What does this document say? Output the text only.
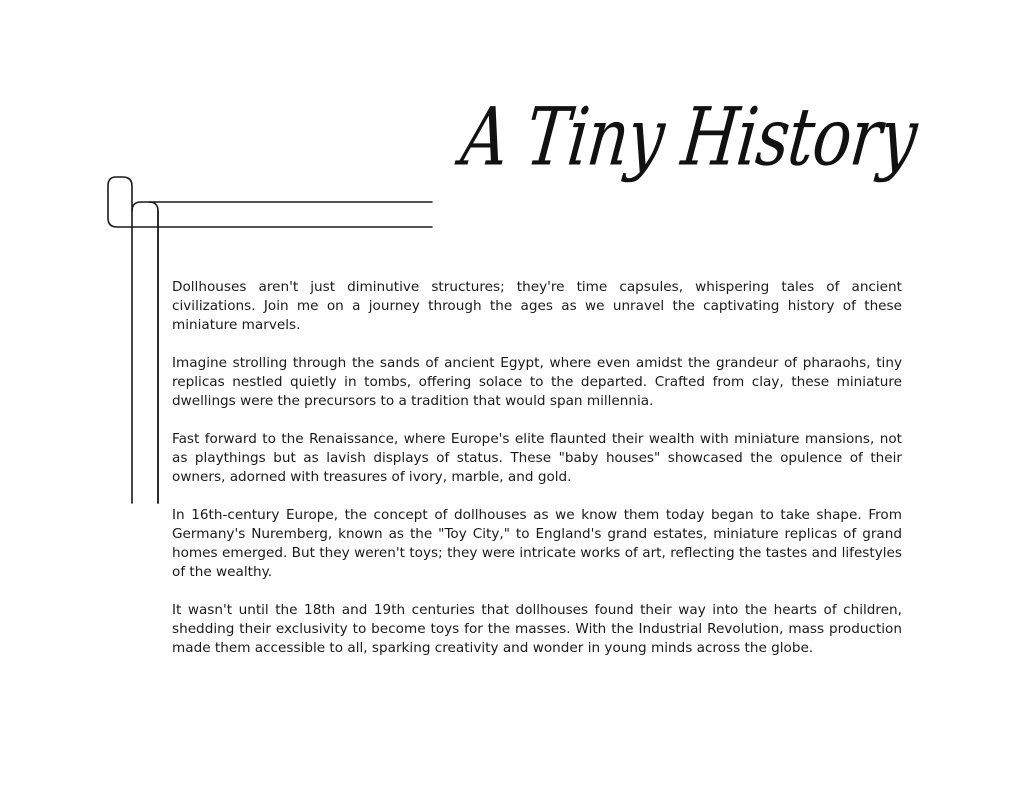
A Tiny History

Dollhouses aren't just diminutive structures; they're time capsules, whispering tales of ancient civilizations. Join me on a journey through the ages as we unravel the captivating history of these miniature marvels.

Imagine strolling through the sands of ancient Egypt, where even amidst the grandeur of pharaohs, tiny replicas nestled quietly in tombs, offering solace to the departed. Crafted from clay, these miniature dwellings were the precursors to a tradition that would span millennia.

Fast forward to the Renaissance, where Europe's elite flaunted their wealth with miniature mansions, not as playthings but as lavish displays of status. These "baby houses" showcased the opulence of their owners, adorned with treasures of ivory, marble, and gold.

In 16th-century Europe, the concept of dollhouses as we know them today began to take shape. From Germany's Nuremberg, known as the "Toy City," to England's grand estates, miniature replicas of grand homes emerged. But they weren't toys; they were intricate works of art, reflecting the tastes and lifestyles of the wealthy.

It wasn't until the 18th and 19th centuries that dollhouses found their way into the hearts of children, shedding their exclusivity to become toys for the masses. With the Industrial Revolution, mass production made them accessible to all, sparking creativity and wonder in young minds across the globe.
